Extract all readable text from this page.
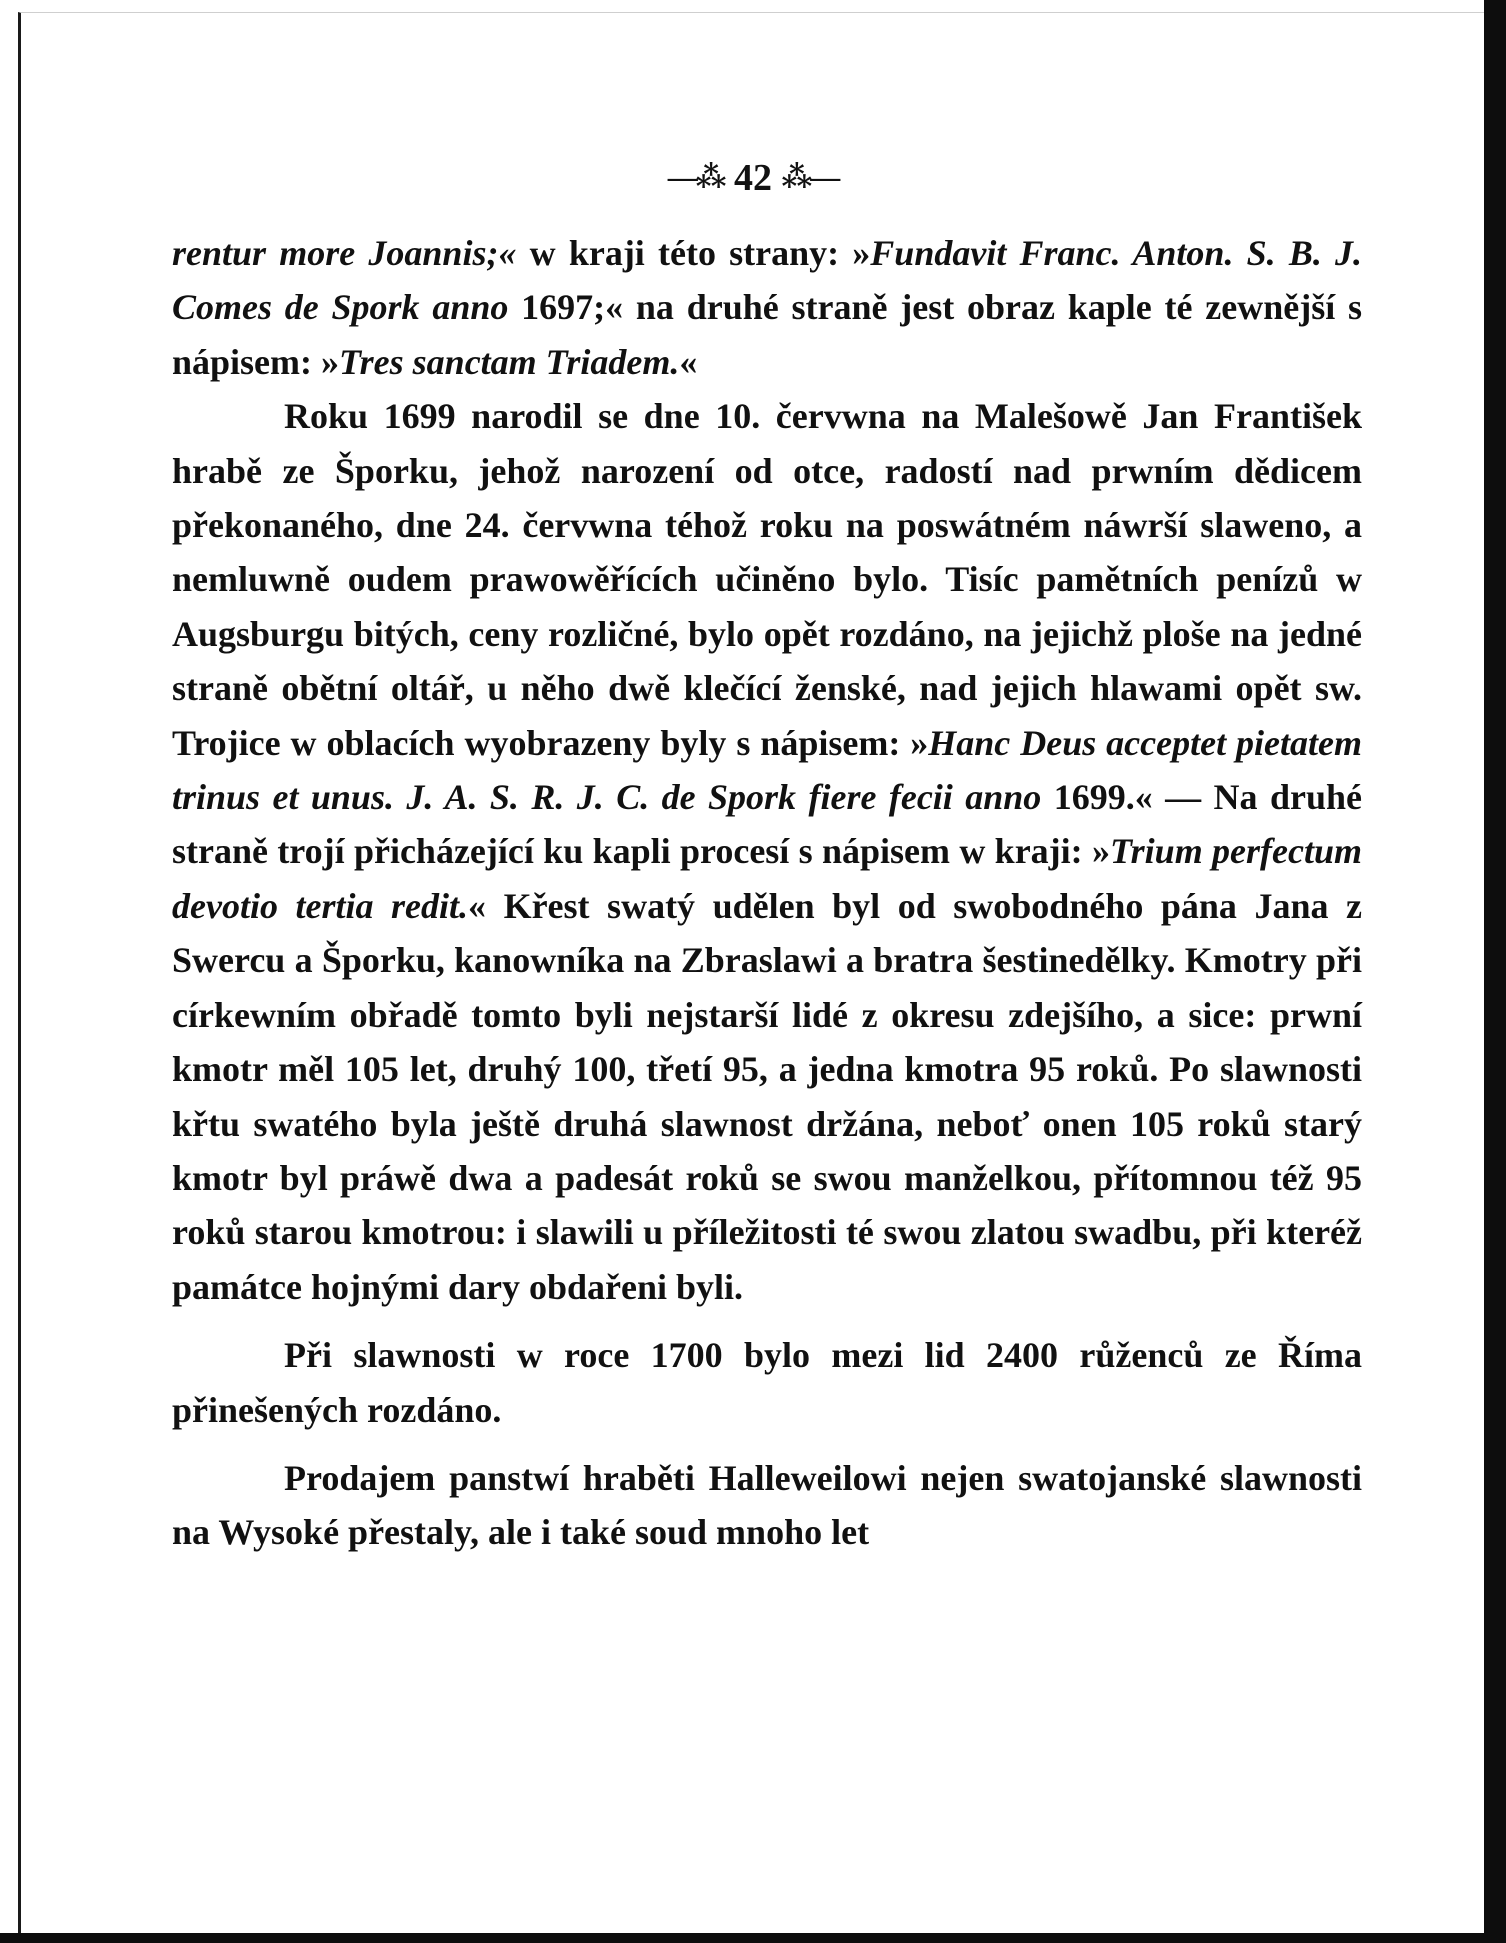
—⁂ 42 ⁂—

rentur more Joannis;« w kraji této strany: »Fundavit Franc. Anton. S. B. J. Comes de Spork anno 1697;« na druhé straně jest obraz kaple té zewnější s nápisem: »Tres sanctam Triadem.«

Roku 1699 narodil se dne 10. červwna na Malešowě Jan František hrabě ze Šporku, jehož narození od otce, radostí nad prwním dědicem překonaného, dne 24. červwna téhož roku na poswátném náwrší slaweno, a nemluwně oudem prawowěřících učiněno bylo. Tisíc pamětních penízů w Augsburgu bitých, ceny rozličné, bylo opět rozdáno, na jejichž ploše na jedné straně obětní oltář, u něho dwě klečící ženské, nad jejich hlawami opět sw. Trojice w oblacích wyobrazeny byly s nápisem: »Hanc Deus acceptet pietatem trinus et unus. J. A. S. R. J. C. de Spork fiere fecii anno 1699.« — Na druhé straně trojí přicházející ku kapli procesí s nápisem w kraji: »Trium perfectum devotio tertia redit.« Křest swatý udělen byl od swobodného pána Jana z Swercu a Šporku, kanowníka na Zbraslawi a bratra šestinedělky. Kmotry při církewním obřadě tomto byli nejstarší lidé z okresu zdejšího, a sice: prwní kmotr měl 105 let, druhý 100, třetí 95, a jedna kmotra 95 roků. Po slawnosti křtu swatého byla ještě druhá slawnost držána, neboť onen 105 roků starý kmotr byl práwě dwa a padesát roků se swou manželkou, přítomnou též 95 roků starou kmotrou: i slawili u příležitosti té swou zlatou swadbu, při kteréž památce hojnými dary obdařeni byli.

Při slawnosti w roce 1700 bylo mezi lid 2400 růženců ze Říma přinešených rozdáno.

Prodajem panstwí hraběti Halleweilowi nejen swatojanské slawnosti na Wysoké přestaly, ale i také soud mnoho let
